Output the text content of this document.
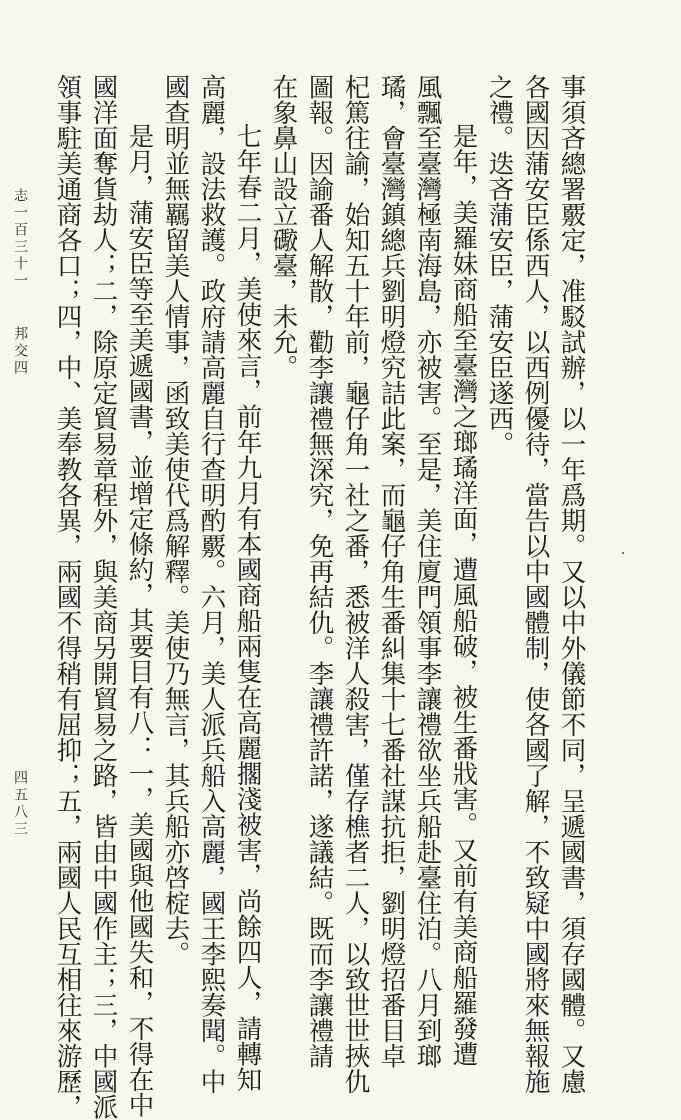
事須吝總署覈定，准駁試辦，以一年爲期。又以中外儀節不同，呈遞國書，須存國體。又慮
各國因蒲安臣係西人，以西例優待，當告以中國體制，使各國了解，不致疑中國將來無報施
之禮。迭吝蒲安臣，蒲安臣遂西。
是年，美羅妹商船至臺灣之瑯璚洋面，遭風船破，被生番戕害。又前有美商船羅發遭
風飄至臺灣極南海島，亦被害。至是，美住廈門領事李讓禮欲坐兵船赴臺住泊。八月到瑯
璚，會臺灣鎮總兵劉明燈究詰此案，而龜仔角生番糾集十七番社謀抗拒，劉明燈招番目卓
杞篤往諭，始知五十年前，龜仔角一社之番，悉被洋人殺害，僅存樵者二人，以致世世挾仇
圖報。因諭番人解散，勸李讓禮無深究，免再結仇。李讓禮許諾，遂議結。既而李讓禮請
在象鼻山設立礮臺，未允。
七年春二月，美使來言，前年九月有本國商船兩隻在高麗擱淺被害，尚餘四人，請轉知
高麗，設法救護。政府請高麗自行查明酌覈。六月，美人派兵船入高麗，國王李熙奏聞。中
國查明並無羈留美人情事，函致美使代爲解釋。美使乃無言，其兵船亦啓椗去。
是月，蒲安臣等至美遞國書，並增定條約，其要目有八：一，美國與他國失和，不得在中
國洋面奪貨劫人；二，除原定貿易章程外，與美商另開貿易之路，皆由中國作主；三，中國派
領事駐美通商各口；四，中、美奉教各異，兩國不得稍有屈抑；五，兩國人民互相往來游歷，
志一百三十一
邦交四
四五八三
